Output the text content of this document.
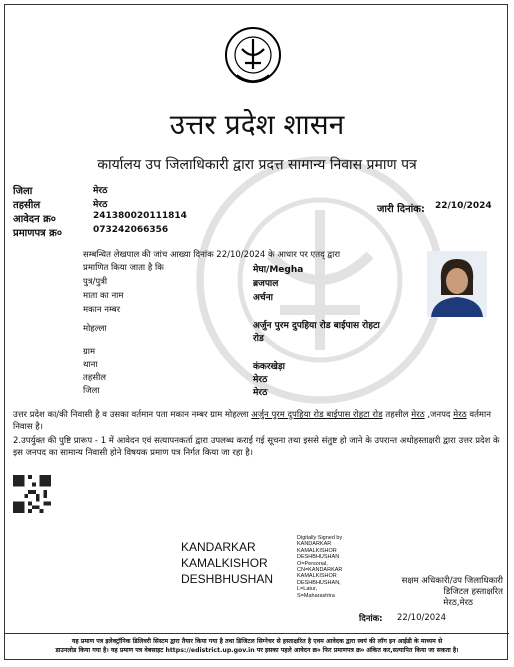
उत्तर प्रदेश शासन
कार्यालय उप जिलाधिकारी द्वारा प्रदत्त सामान्य निवास प्रमाण पत्र
जिला	मेरठ
तहसील	मेरठ
आवेदन क्र०	241380020111814
प्रमाणपत्र क्र०	073242066356
जारी दिनांक: 22/10/2024
सम्बन्धित लेखपाल की जांच आख्या दिनांक 22/10/2024 के आधार पर एतद् द्वारा
प्रमाणित किया जाता है कि	मेघा/Megha
पुत्र/पुत्री	ब्रजपाल
माता का नाम	अर्चना
मकान नम्बर
मोहल्ला	अर्जुन पुरम दुपहिया रोड बाईपास रोहटा
रोड
ग्राम
थाना	कंकरखेड़ा
तहसील	मेरठ
जिला	मेरठ
उत्तर प्रदेश का/की निवासी है व उसका वर्तमान पता मकान नम्बर ग्राम मोहल्ला अर्जुन पुरम दुपहिया रोड बाईपास रोहटा रोड तहसील मेरठ ,जनपद मेरठ वर्तमान निवास है।
2.उपर्युक्त की पुष्टि प्रारूप - 1 में आवेदन एवं सत्यापनकर्ता द्वारा उपलब्ध कराई गई सूचना तथा इससे संतुष्ट हो जाने के उपरान्त अधोहस्ताक्षरी द्वारा उत्तर प्रदेश के इस जनपद का सामान्य निवासी होने विषयक प्रमाण पत्र निर्गत किया जा रहा है।
KANDARKAR
KAMALKISHOR
DESHBHUSHAN
Digitally Signed by
KANDARKAR
KAMALKISHOR
DESHBHUSHAN
O=Personal,
CN=KANDARKAR
KAMALKISHOR
DESHBHUSHAN,
L=Latur,
S=Maharashtra
सक्षम अधिकारी/उप जिलाधिकारी
डिजिटल हस्ताक्षरित
मेरठ,मेरठ
दिनांक: 22/10/2024
यह प्रमाण पत्र इलेक्ट्रॉनिक डिलिवरी सिस्टम द्वारा तैयार किया गया है तथा डिजिटल सिग्नेचर से हस्ताक्षरित है एवम आवेदक द्वारा स्वयं की लॉग इन आईडी के माध्यम से
डाउनलोड किया गया है। यह प्रमाण पत्र वेबसाइट https://edistrict.up.gov.in पर इसका पहले आवेदन क्र० फिर प्रमाणपत्र क्र० अंकित कर,सत्यापित किया जा सकता है।
